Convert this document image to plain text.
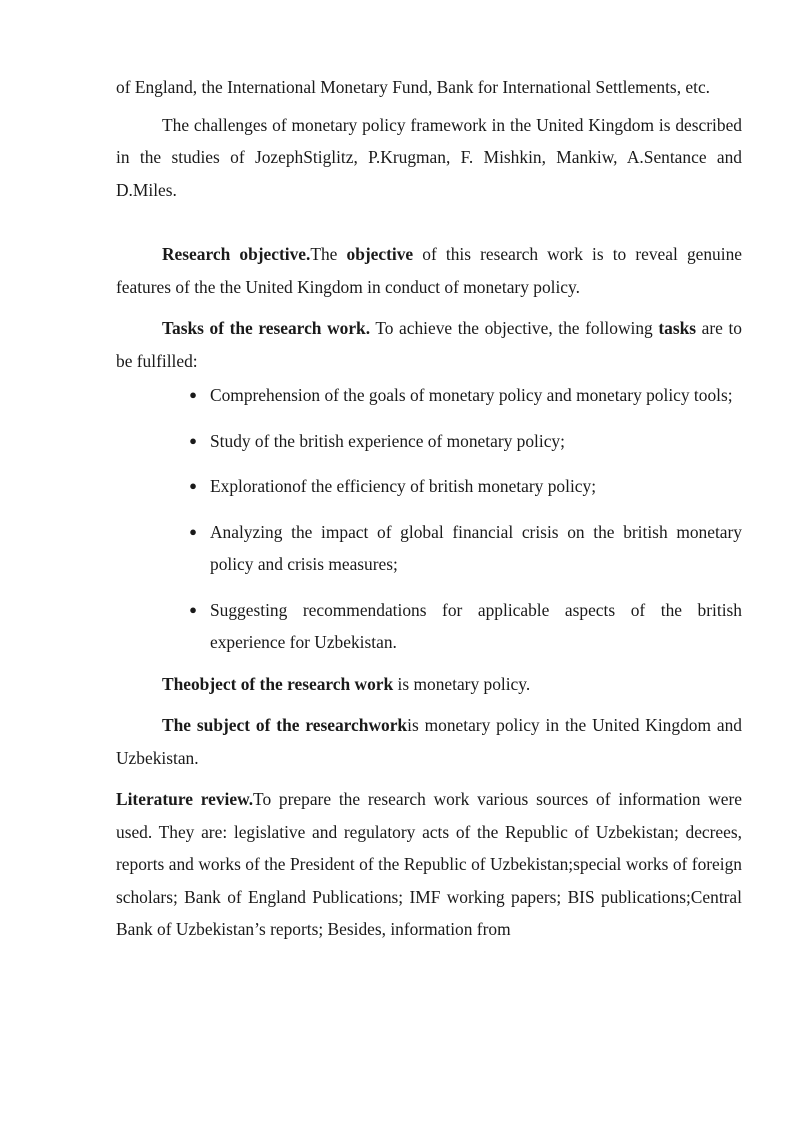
of England, the International Monetary Fund, Bank for International Settlements, etc.

The challenges of monetary policy framework in the United Kingdom is described in the studies of JozephStiglitz, P.Krugman, F. Mishkin, Mankiw, A.Sentance and D.Miles.

Research objective.The objective of this research work is to reveal genuine features of the the United Kingdom in conduct of monetary policy.

Tasks of the research work. To achieve the objective, the following tasks are to be fulfilled:

● Comprehension of the goals of monetary policy and monetary policy tools;
● Study of the british experience of monetary policy;
● Explorationof the efficiency of british monetary policy;
● Analyzing the impact of global financial crisis on the british monetary policy and crisis measures;
● Suggesting recommendations for applicable aspects of the british experience for Uzbekistan.

Theobject of the research work is monetary policy.

The subject of the researchworkis monetary policy in the United Kingdom and Uzbekistan.

Literature review.To prepare the research work various sources of information were used. They are: legislative and regulatory acts of the Republic of Uzbekistan; decrees, reports and works of the President of the Republic of Uzbekistan;special works of foreign scholars; Bank of England Publications; IMF working papers; BIS publications;Central Bank of Uzbekistan’s reports; Besides, information from
